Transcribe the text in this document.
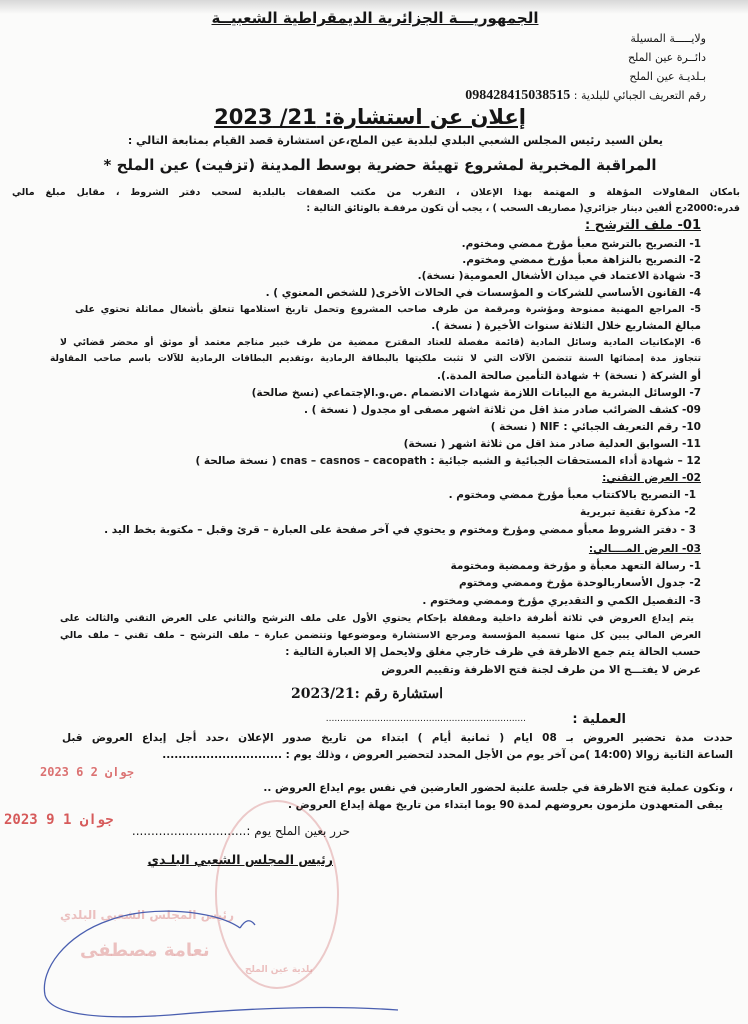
الجمهوريـــة الجزائرية الديمقراطية الشعبيــة
ولايـــــة المسيلة
دائــرة عين الملح
بـلديـة عين الملح
رقم التعريف الجبائي للبلدية : 098428415038515
إعلان عن استشارة: 21/ 2023
يعلن السيد رئيس المجلس الشعبي البلدي لبلدية عين الملح،عن استشارة قصد القيام بمتابعة التالي :
المراقبة المخبرية لمشروع تهيئة حضرية بوسط المدينة (تزفيت) عين الملح *
بامكان المقاولات المؤهلة و المهتمة بهذا الإعلان ، التقرب من مكتب الصفقات بالبلدية لسحب دفتر الشروط ، مقابل مبلغ مالي
قدره:2000دج ألفين دينار جزائري( مصاريف السحب ) ، يجب أن تكون مرفقـة بالوثائق التالية :
01- ملف الترشح :
1- التصريح بالترشح معبأ مؤرخ ممضي ومختوم.
2- التصريح بالنزاهة معبأ مؤرخ ممضي ومختوم.
3- شهادة الاعتماد في ميدان الأشغال العمومية( نسخة).
4- القانون الأساسي للشركات و المؤسسات في الحالات الأخرى( للشخص المعنوي ) .
5- المراجع المهنية ممنوحة ومؤشرة ومرقمة من طرف صاحب المشروع وتحمل تاريخ استلامها تتعلق بأشغال مماثلة تحتوي على
مبالغ المشاريع خلال الثلاثة سنوات الأخيرة ( نسخة ).
6- الإمكانيات المادية وسائل المادية (قائمة مفصلة للعتاد المقترح ممضية من طرف خبير مناجم معتمد أو موثق أو محضر قضائي لا
تتجاوز مدة إمضائها السنة تتضمن الآلات التي لا تثبت ملكيتها بالبطاقة الرمادية ،وتقديم البطاقات الرمادية للآلات باسم صاحب المقاولة
أو الشركة ( نسخة) + شهادة التأمين صالحة المدة.).
7- الوسائل البشرية مع البيانات اللازمة شهادات الانضمام .ص.و.الإجتماعي (نسخ صالحة)
09- كشف الضرائب صادر منذ اقل من ثلاثة اشهر مصفى او مجدول ( نسخة ) .
10- رقم التعريف الجبائي : NIF ( نسخة )
11- السوابق العدلية صادر منذ اقل من ثلاثة اشهر ( نسخة)
12 – شهادة أداء المستحقات الجبائية و الشبه جبائية : cnas – casnos – cacopath ( نسخة صالحة )
02- العرض التقني:
1- التصريح بالاكتتاب معبأ مؤرخ ممضي ومختوم .
2- مذكرة تقنية تبريرية
3 - دفتر الشروط معبأو ممضي ومؤرخ ومختوم و يحتوي في آخر صفحة على العبارة – قرئ وقبل – مكتوبة بخط اليد .
03- العرض المــــالي:
1- رسالة التعهد معبأة و مؤرخة وممضية ومختومة
2- جدول الأسعاربالوحدة مؤرخ وممضي ومختوم
3- التفصيل الكمي و التقديري مؤرخ وممضي ومختوم .
يتم إيداع العروض في ثلاثة أظرفة داخلية ومقفلة بإحكام يحتوي الأول على ملف الترشح والثاني على العرض التقني والثالث على
العرض المالي يبين كل منها تسمية المؤسسة ومرجع الاستشارة وموضوعها وتتضمن عبارة – ملف الترشح – ملف تقني – ملف مالي
حسب الحالة يتم جمع الاظرفة في ظرف خارجي مغلق ولايحمل إلا العبارة التالية :
عرض لا يفتـــح الا من طرف لجنة فتح الاظرفة وتقييم العروض
استشارة رقم :2023/21
العملية :
......................................................................
حددت مدة تحضير العروض بـ 08 ايام ( ثمانية أيام ) ابتداء من تاريخ صدور الإعلان ،حدد أجل إيداع العروض قبل
الساعة الثانية زوالا (14:00 )من آخر يوم من الأجل المحدد لتحضير العروض ، وذلك يوم : ..............................
2023 جوان 2 6
، وتكون عملية فتح الاظرفة في جلسة علنية لحضور العارضين في نفس يوم ايداع العروض ..
يبقى المتعهدون ملزمون بعروضهم لمدة 90 يوما ابتداء من تاريخ مهلة إيداع العروض .
بلدية عين الملح
رئيس المجلس الشعبي البلدي
نعامة مصطفى
حرر بعين الملح يوم :..............................
2023 جوان 1 9
رئيس المجلس الشعبي البلـدي
